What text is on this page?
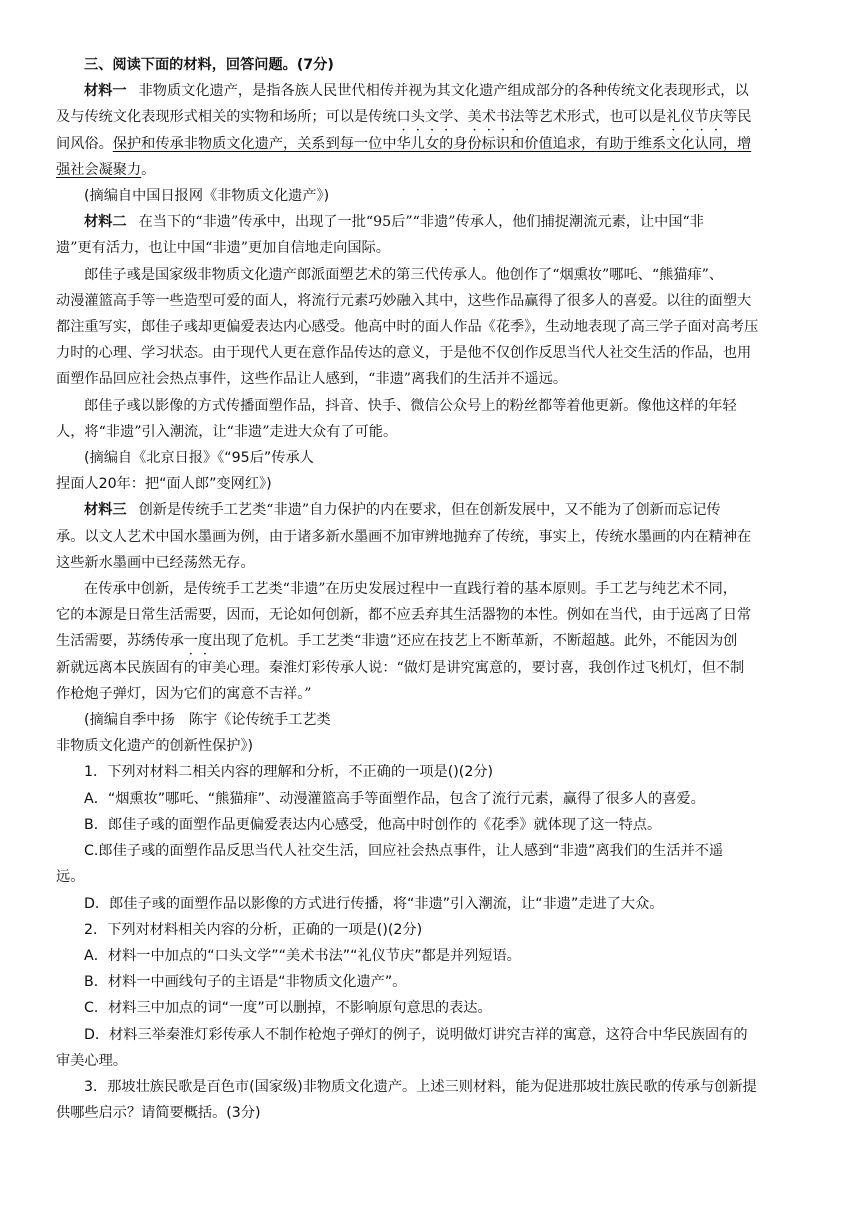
三、阅读下面的材料，回答问题。(7分)
材料一 非物质文化遗产，是指各族人民世代相传并视为其文化遗产组成部分的各种传统文化表现形式，以
及与传统文化表现形式相关的实物和场所；可以是传统口头文学、美术书法等艺术形式，也可以是礼仪节庆等民
间风俗。保护和传承非物质文化遗产，关系到每一位中华儿女的身份标识和价值追求，有助于维系文化认同，增
强社会凝聚力。
(摘编自中国日报网《非物质文化遗产》)
材料二 在当下的“非遗”传承中，出现了一批“95后”“非遗”传承人，他们捕捉潮流元素，让中国“非
遗”更有活力，也让中国“非遗”更加自信地走向国际。
郎佳子彧是国家级非物质文化遗产郎派面塑艺术的第三代传承人。他创作了“烟熏妆”哪吒、“熊猫痱”、
动漫灌篮高手等一些造型可爱的面人，将流行元素巧妙融入其中，这些作品赢得了很多人的喜爱。以往的面塑大
都注重写实，郎佳子彧却更偏爱表达内心感受。他高中时的面人作品《花季》，生动地表现了高三学子面对高考压
力时的心理、学习状态。由于现代人更在意作品传达的意义，于是他不仅创作反思当代人社交生活的作品，也用
面塑作品回应社会热点事件，这些作品让人感到，“非遗”离我们的生活并不遥远。
郎佳子彧以影像的方式传播面塑作品，抖音、快手、微信公众号上的粉丝都等着他更新。像他这样的年轻
人，将“非遗”引入潮流，让“非遗”走进大众有了可能。
(摘编自《北京日报》《“95后”传承人
捏面人20年：把“面人郎”变网红》)
材料三 创新是传统手工艺类“非遗”自力保护的内在要求，但在创新发展中，又不能为了创新而忘记传
承。以文人艺术中国水墨画为例，由于诸多新水墨画不加审辨地抛弃了传统，事实上，传统水墨画的内在精神在
这些新水墨画中已经荡然无存。
在传承中创新，是传统手工艺类“非遗”在历史发展过程中一直践行着的基本原则。手工艺与纯艺术不同，
它的本源是日常生活需要，因而，无论如何创新，都不应丢弃其生活器物的本性。例如在当代，由于远离了日常
生活需要，苏绣传承一度出现了危机。手工艺类“非遗”还应在技艺上不断革新，不断超越。此外，不能因为创
新就远离本民族固有的审美心理。秦淮灯彩传承人说：“做灯是讲究寓意的，要讨喜，我创作过飞机灯，但不制
作枪炮子弹灯，因为它们的寓意不吉祥。”
(摘编自季中扬　陈宇《论传统手工艺类
非物质文化遗产的创新性保护》)
1．下列对材料二相关内容的理解和分析，不正确的一项是()(2分)
A．“烟熏妆”哪吒、“熊猫痱”、动漫灌篮高手等面塑作品，包含了流行元素，赢得了很多人的喜爱。
B．郎佳子彧的面塑作品更偏爱表达内心感受，他高中时创作的《花季》就体现了这一特点。
C.郎佳子彧的面塑作品反思当代人社交生活，回应社会热点事件，让人感到“非遗”离我们的生活并不遥
远。
D．郎佳子彧的面塑作品以影像的方式进行传播，将“非遗”引入潮流，让“非遗”走进了大众。
2．下列对材料相关内容的分析，正确的一项是()(2分)
A．材料一中加点的“口头文学”“美术书法”“礼仪节庆”都是并列短语。
B．材料一中画线句子的主语是“非物质文化遗产”。
C．材料三中加点的词“一度”可以删掉，不影响原句意思的表达。
D．材料三举秦淮灯彩传承人不制作枪炮子弹灯的例子，说明做灯讲究吉祥的寓意，这符合中华民族固有的
审美心理。
3．那坡壮族民歌是百色市(国家级)非物质文化遗产。上述三则材料，能为促进那坡壮族民歌的传承与创新提
供哪些启示？请简要概括。(3分)
